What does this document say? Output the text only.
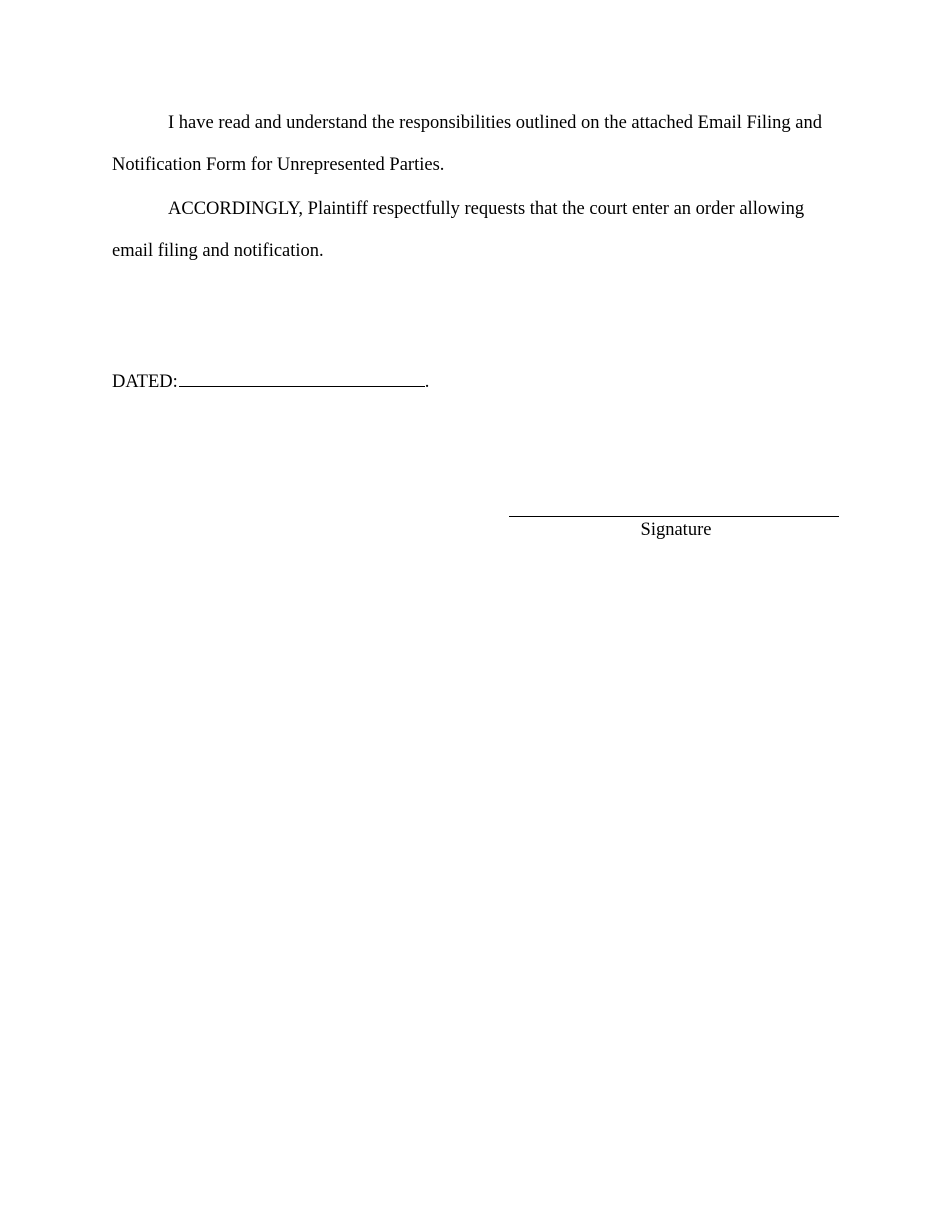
I have read and understand the responsibilities outlined on the attached Email Filing and Notification Form for Unrepresented Parties.

ACCORDINGLY, Plaintiff respectfully requests that the court enter an order allowing email filing and notification.

DATED:	.
Signature
